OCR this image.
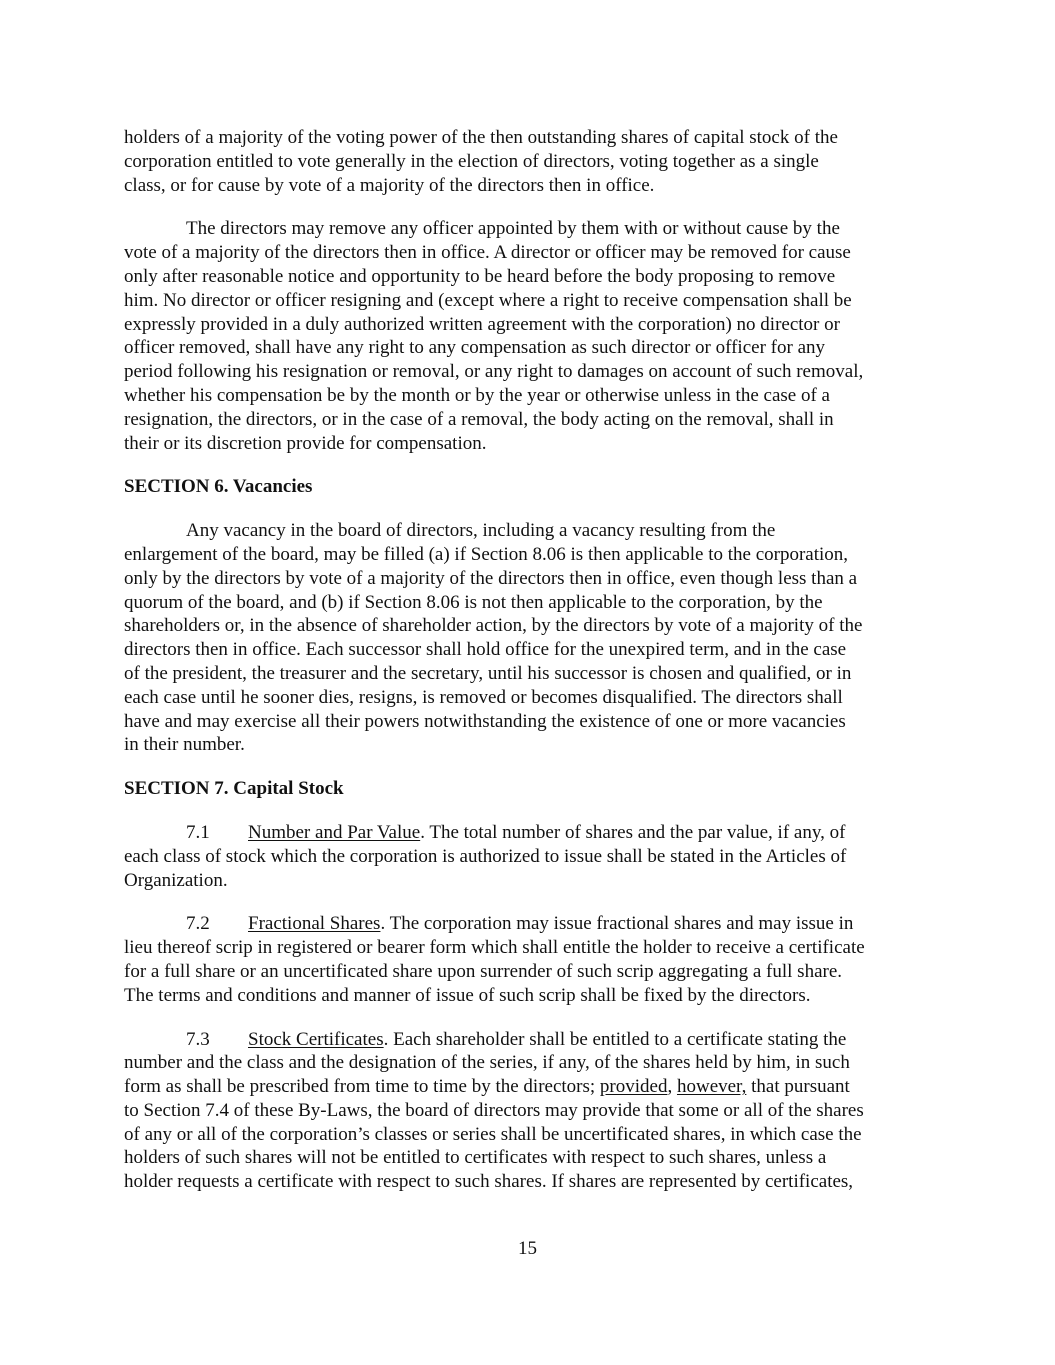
holders of a majority of the voting power of the then outstanding shares of capital stock of the
corporation entitled to vote generally in the election of directors, voting together as a single
class, or for cause by vote of a majority of the directors then in office.
The directors may remove any officer appointed by them with or without cause by the
vote of a majority of the directors then in office. A director or officer may be removed for cause
only after reasonable notice and opportunity to be heard before the body proposing to remove
him. No director or officer resigning and (except where a right to receive compensation shall be
expressly provided in a duly authorized written agreement with the corporation) no director or
officer removed, shall have any right to any compensation as such director or officer for any
period following his resignation or removal, or any right to damages on account of such removal,
whether his compensation be by the month or by the year or otherwise unless in the case of a
resignation, the directors, or in the case of a removal, the body acting on the removal, shall in
their or its discretion provide for compensation.
SECTION 6. Vacancies
Any vacancy in the board of directors, including a vacancy resulting from the
enlargement of the board, may be filled (a) if Section 8.06 is then applicable to the corporation,
only by the directors by vote of a majority of the directors then in office, even though less than a
quorum of the board, and (b) if Section 8.06 is not then applicable to the corporation, by the
shareholders or, in the absence of shareholder action, by the directors by vote of a majority of the
directors then in office. Each successor shall hold office for the unexpired term, and in the case
of the president, the treasurer and the secretary, until his successor is chosen and qualified, or in
each case until he sooner dies, resigns, is removed or becomes disqualified. The directors shall
have and may exercise all their powers notwithstanding the existence of one or more vacancies
in their number.
SECTION 7. Capital Stock
7.1 Number and Par Value. The total number of shares and the par value, if any, of
each class of stock which the corporation is authorized to issue shall be stated in the Articles of
Organization.
7.2 Fractional Shares. The corporation may issue fractional shares and may issue in
lieu thereof scrip in registered or bearer form which shall entitle the holder to receive a certificate
for a full share or an uncertificated share upon surrender of such scrip aggregating a full share.
The terms and conditions and manner of issue of such scrip shall be fixed by the directors.
7.3 Stock Certificates. Each shareholder shall be entitled to a certificate stating the
number and the class and the designation of the series, if any, of the shares held by him, in such
form as shall be prescribed from time to time by the directors; provided, however, that pursuant
to Section 7.4 of these By-Laws, the board of directors may provide that some or all of the shares
of any or all of the corporation’s classes or series shall be uncertificated shares, in which case the
holders of such shares will not be entitled to certificates with respect to such shares, unless a
holder requests a certificate with respect to such shares. If shares are represented by certificates,
15
